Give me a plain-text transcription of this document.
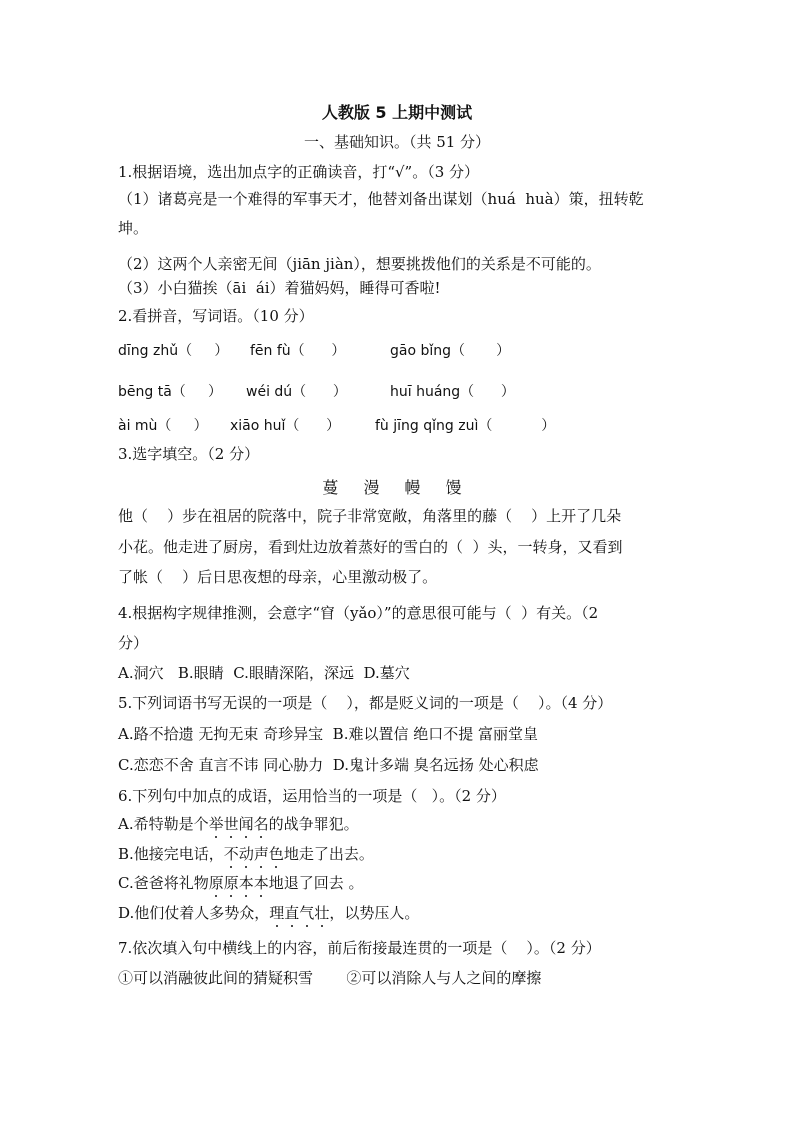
人教版 5 上期中测试
一、基础知识。（共 51 分）
1.根据语境，选出加点字的正确读音，打“√”。（3 分）
（1）诸葛亮是一个难得的军事天才，他替刘备出谋划（huá  huà）策，扭转乾
坤。
（2）这两个人亲密无间（jiān jiàn），想要挑拨他们的关系是不可能的。
（3）小白猫挨（āi  ái）着猫妈妈，睡得可香啦!
2.看拼音，写词语。（10 分）

dīng zhǔ（     ）

fēn fù（      ）

	gāo bǐng（       ）

bēng tā（     ）

wéi dú（      ）

	huī huáng（      ）

ài mù（     ）

xiāo huǐ（      ）

fù jīng qǐng zuì（           ）

3.选字填空。（2 分）
蔓 漫 幔 馒
他（    ）步在祖居的院落中，院子非常宽敞，角落里的藤（    ）上开了几朵
小花。他走进了厨房，看到灶边放着蒸好的雪白的（  ）头，一转身，又看到
了帐（    ）后日思夜想的母亲，心里激动极了。
4.根据构字规律推测，会意字“窅（yǎo）”的意思很可能与（  ）有关。（2
分）
A.洞穴   B.眼睛  C.眼睛深陷，深远  D.墓穴
5.下列词语书写无误的一项是（    ），都是贬义词的一项是（    ）。（4 分）
A.路不拾遗 无拘无束 奇珍异宝  B.难以置信 绝口不提 富丽堂皇
C.恋恋不舍 直言不讳 同心胁力  D.鬼计多端 臭名远扬 处心积虑
6.下列句中加点的成语，运用恰当的一项是（   ）。（2 分）
A.希特勒是个举世闻名的战争罪犯。
B.他接完电话，不动声色地走了出去。
C.爸爸将礼物原原本本地退了回去 。
D.他们仗着人多势众，理直气壮，以势压人。
7.依次填入句中横线上的内容，前后衔接最连贯的一项是（    ）。（2 分）
①可以消融彼此间的猜疑积雪       ②可以消除人与人之间的摩擦
